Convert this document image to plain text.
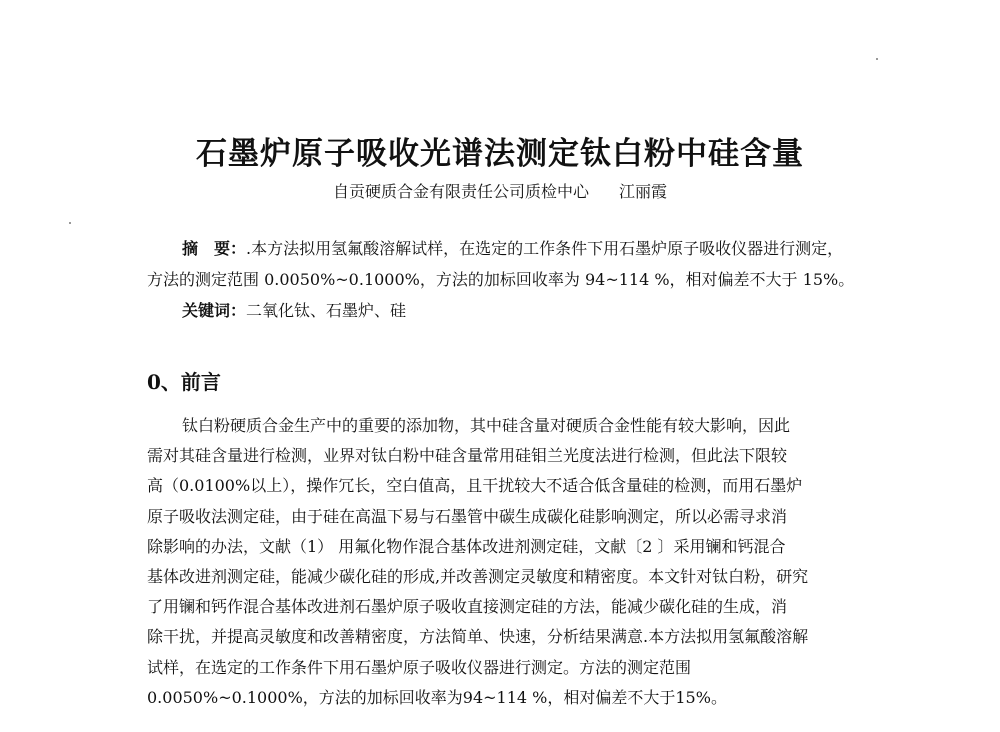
石墨炉原子吸收光谱法测定钛白粉中硅含量
自贡硬质合金有限责任公司质检中心 江丽霞
摘　要：.本方法拟用氢氟酸溶解试样，在选定的工作条件下用石墨炉原子吸收仪器进行测定，
方法的测定范围 0.0050%~0.1000%，方法的加标回收率为 94~114 %，相对偏差不大于 15%。
关键词：二氧化钛、石墨炉、硅
0、前言
钛白粉硬质合金生产中的重要的添加物，其中硅含量对硬质合金性能有较大影响，因此
需对其硅含量进行检测，业界对钛白粉中硅含量常用硅钼兰光度法进行检测，但此法下限较
高（0.0100%以上），操作冗长，空白值高，且干扰较大不适合低含量硅的检测，而用石墨炉
原子吸收法测定硅，由于硅在高温下易与石墨管中碳生成碳化硅影响测定，所以必需寻求消
除影响的办法，文献（1） 用氟化物作混合基体改进剂测定硅，文献〔2 〕采用镧和钙混合
基体改进剂测定硅，能减少碳化硅的形成,并改善测定灵敏度和精密度。本文针对钛白粉，研究
了用镧和钙作混合基体改进剂石墨炉原子吸收直接测定硅的方法，能减少碳化硅的生成，消
除干扰，并提高灵敏度和改善精密度，方法简单、快速，分析结果满意.本方法拟用氢氟酸溶解
试样，在选定的工作条件下用石墨炉原子吸收仪器进行测定。方法的测定范围
0.0050%~0.1000%，方法的加标回收率为94~114 %，相对偏差不大于15%。
